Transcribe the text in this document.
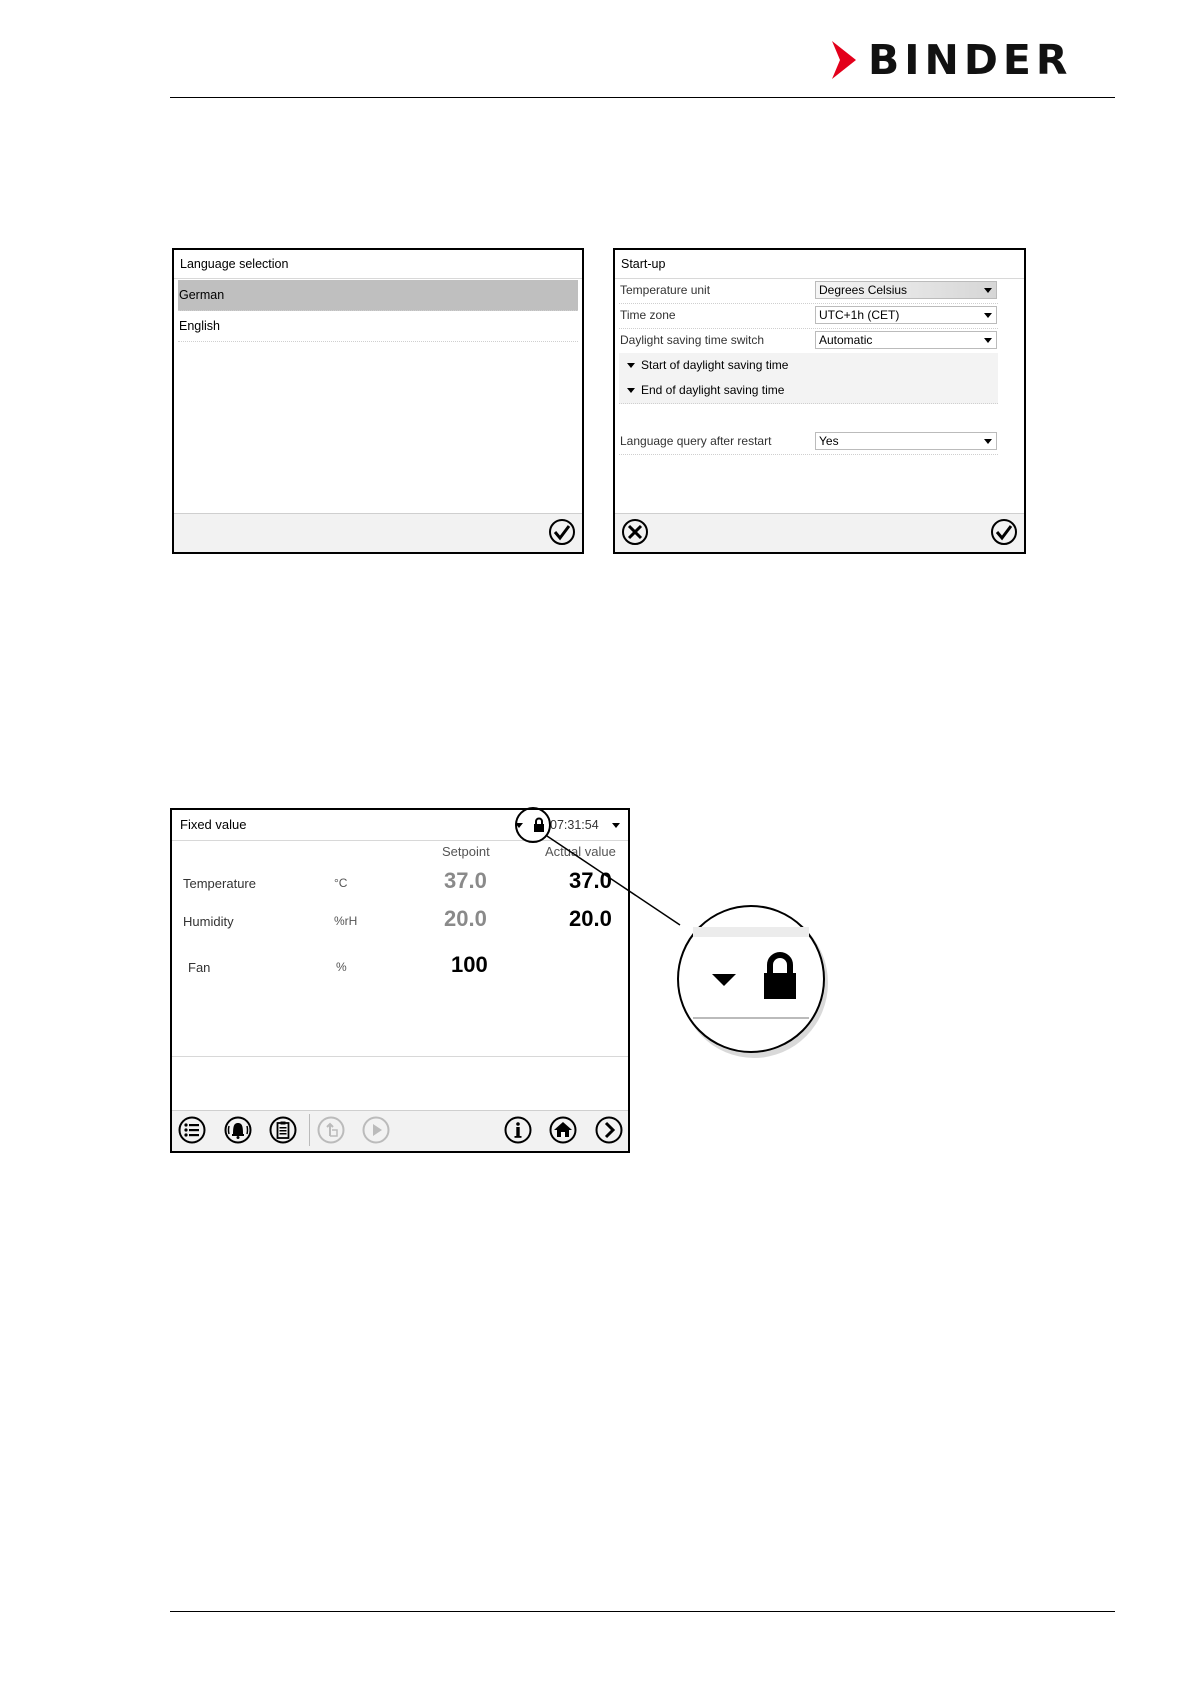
BINDER
Language selection
German
English
Start-up
Temperature unit	Degrees Celsius
Time zone	UTC+1h (CET)
Daylight saving time switch	Automatic
Start of daylight saving time
End of daylight saving time
Language query after restart	Yes
Fixed value	07:31:54
Setpoint	Actual value
Temperature	°C	37.0	37.0
Humidity	%rH	20.0	20.0
Fan	%	100
